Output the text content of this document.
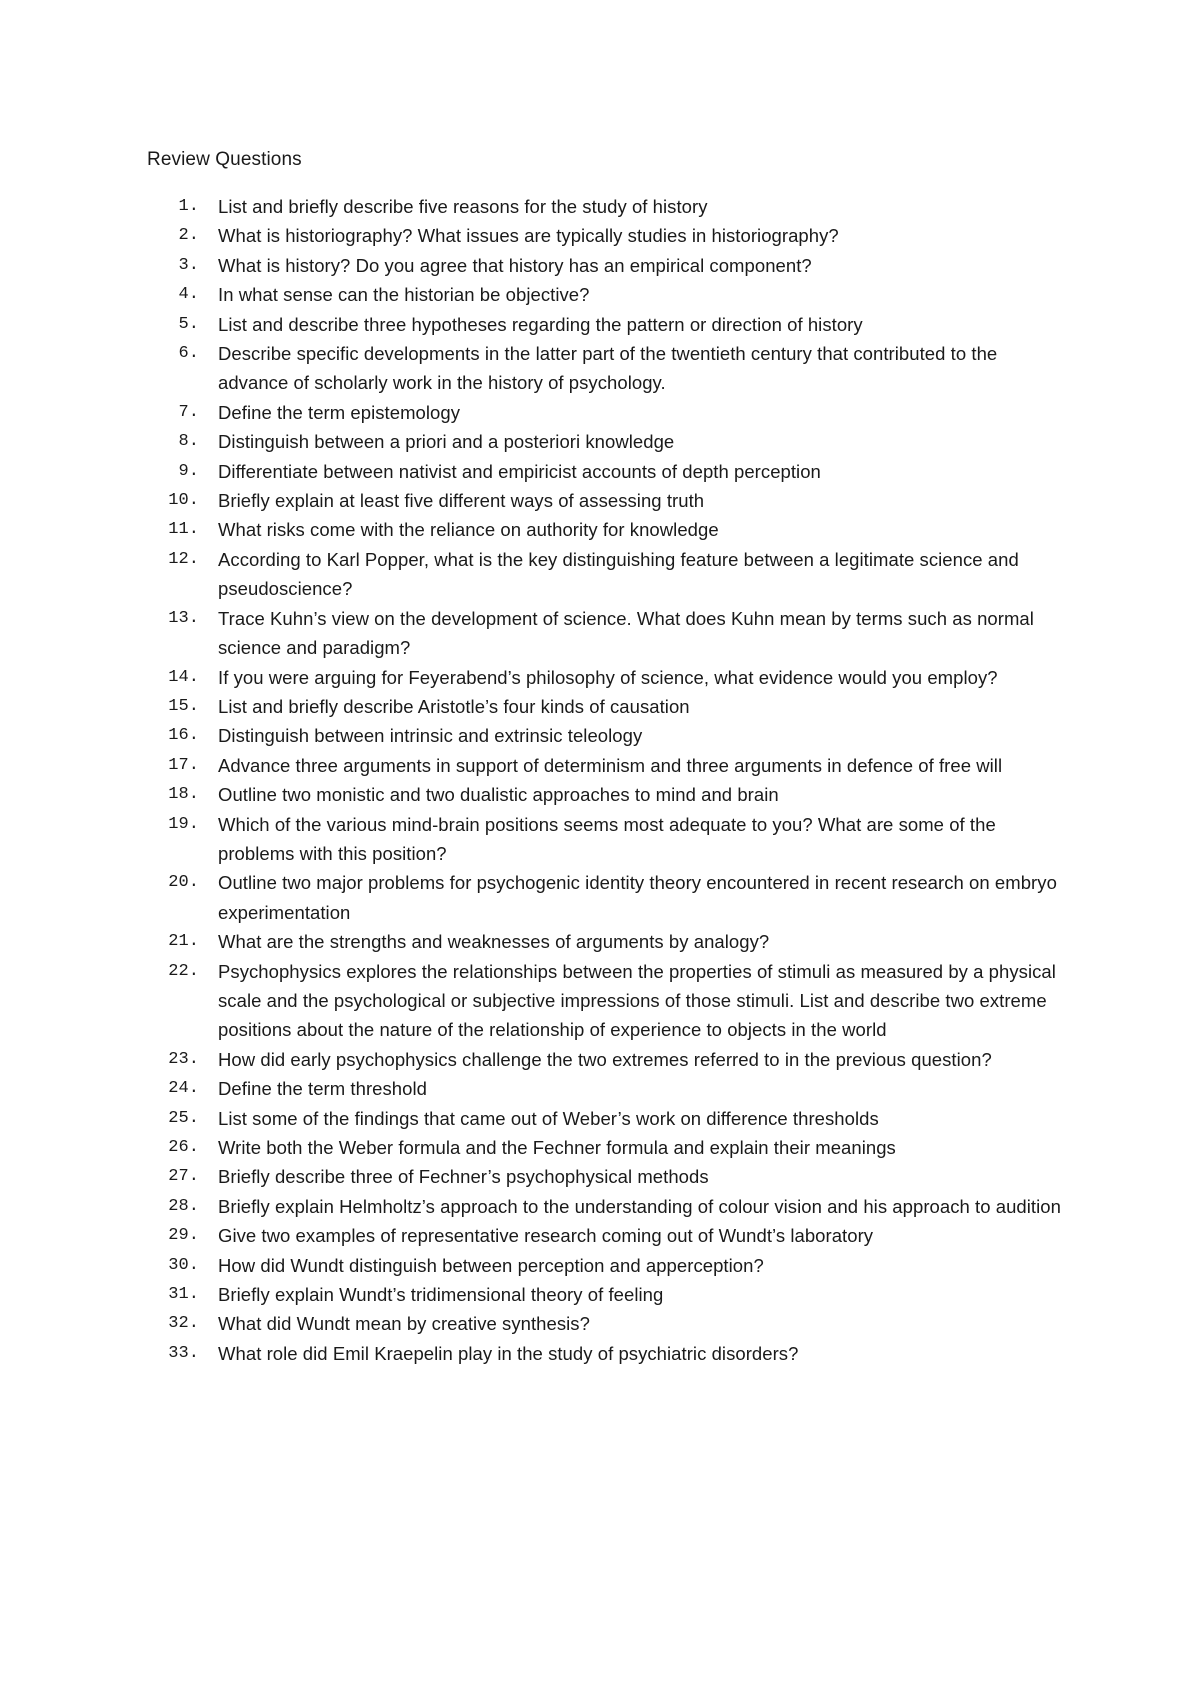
Review Questions
1 .	List and briefly describe five reasons for the study of history
2 .	What is historiography? What issues are typically studies in historiography?
3 .	What is history? Do you agree that history has an empirical component?
4 .	In what sense can the historian be objective?
5 .	List and describe three hypotheses regarding the pattern or direction of history
6 .	Describe specific developments in the latter part of the twentieth century that contributed to the advance of scholarly work in the history of psychology.
7 .	Define the term epistemology
8 .	Distinguish between a priori and a posteriori knowledge
9 .	Differentiate between nativist and empiricist accounts of depth perception
10 .	Briefly explain at least five different ways of assessing truth
11 .	What risks come with the reliance on authority for knowledge
12 .	According to Karl Popper, what is the key distinguishing feature between a legitimate science and pseudoscience?
13 .	Trace Kuhn’s view on the development of science. What does Kuhn mean by terms such as normal science and paradigm?
14 .	If you were arguing for Feyerabend’s philosophy of science, what evidence would you employ?
15 .	List and briefly describe Aristotle’s four kinds of causation
16 .	Distinguish between intrinsic and extrinsic teleology
17 .	Advance three arguments in support of determinism and three arguments in defence of free will
18 .	Outline two monistic and two dualistic approaches to mind and brain
19 .	Which of the various mind-brain positions seems most adequate to you? What are some of the problems with this position?
20 .	Outline two major problems for psychogenic identity theory encountered in recent research on embryo experimentation
21 .	What are the strengths and weaknesses of arguments by analogy?
22 .	Psychophysics explores the relationships between the properties of stimuli as measured by a physical scale and the psychological or subjective impressions of those stimuli. List and describe two extreme positions about the nature of the relationship of experience to objects in the world
23 .	How did early psychophysics challenge the two extremes referred to in the previous question?
24 .	Define the term threshold
25 .	List some of the findings that came out of Weber’s work on difference thresholds
26 .	Write both the Weber formula and the Fechner formula and explain their meanings
27 .	Briefly describe three of Fechner’s psychophysical methods
28 .	Briefly explain Helmholtz’s approach to the understanding of colour vision and his approach to audition
29 .	Give two examples of representative research coming out of Wundt’s laboratory
30 .	How did Wundt distinguish between perception and apperception?
31 .	Briefly explain Wundt’s tridimensional theory of feeling
32 .	What did Wundt mean by creative synthesis?
33 .	What role did Emil Kraepelin play in the study of psychiatric disorders?
